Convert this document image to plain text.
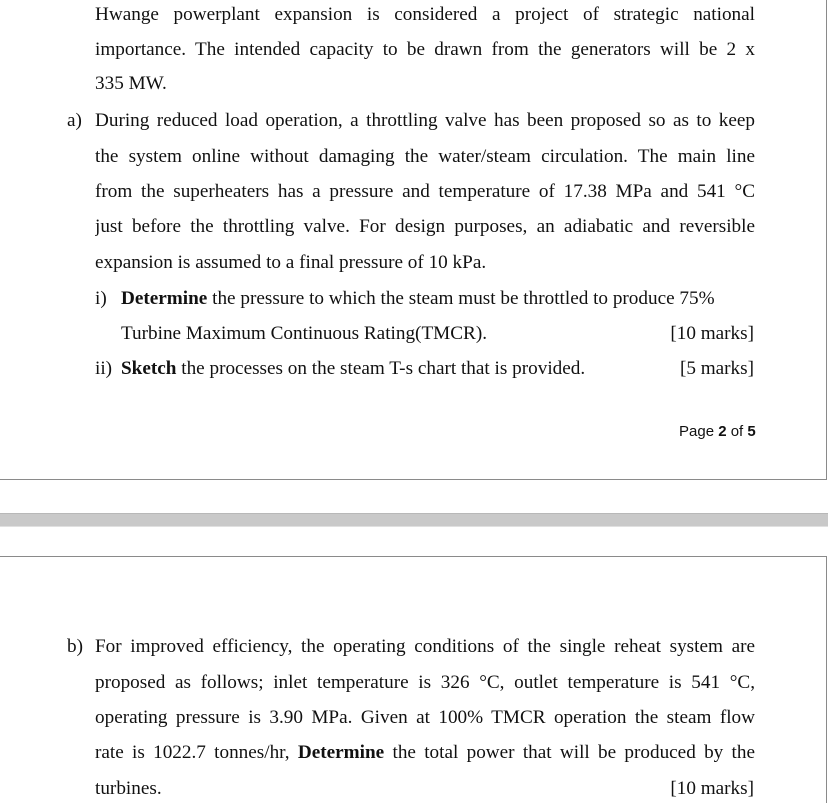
Hwange powerplant expansion is considered a project of strategic national
importance. The intended capacity to be drawn from the generators will be 2 x
335 MW.
a) During reduced load operation, a throttling valve has been proposed so as to keep
the system online without damaging the water/steam circulation. The main line
from the superheaters has a pressure and temperature of 17.38 MPa and 541 °C
just before the throttling valve. For design purposes, an adiabatic and reversible
expansion is assumed to a final pressure of 10 kPa.
i) Determine the pressure to which the steam must be throttled to produce 75%
Turbine Maximum Continuous Rating(TMCR).	[10 marks]
ii) Sketch the processes on the steam T-s chart that is provided.	[5 marks]
Page 2 of 5
b) For improved efficiency, the operating conditions of the single reheat system are
proposed as follows; inlet temperature is 326 °C, outlet temperature is 541 °C,
operating pressure is 3.90 MPa. Given at 100% TMCR operation the steam flow
rate is 1022.7 tonnes/hr, Determine the total power that will be produced by the
turbines.	[10 marks]
